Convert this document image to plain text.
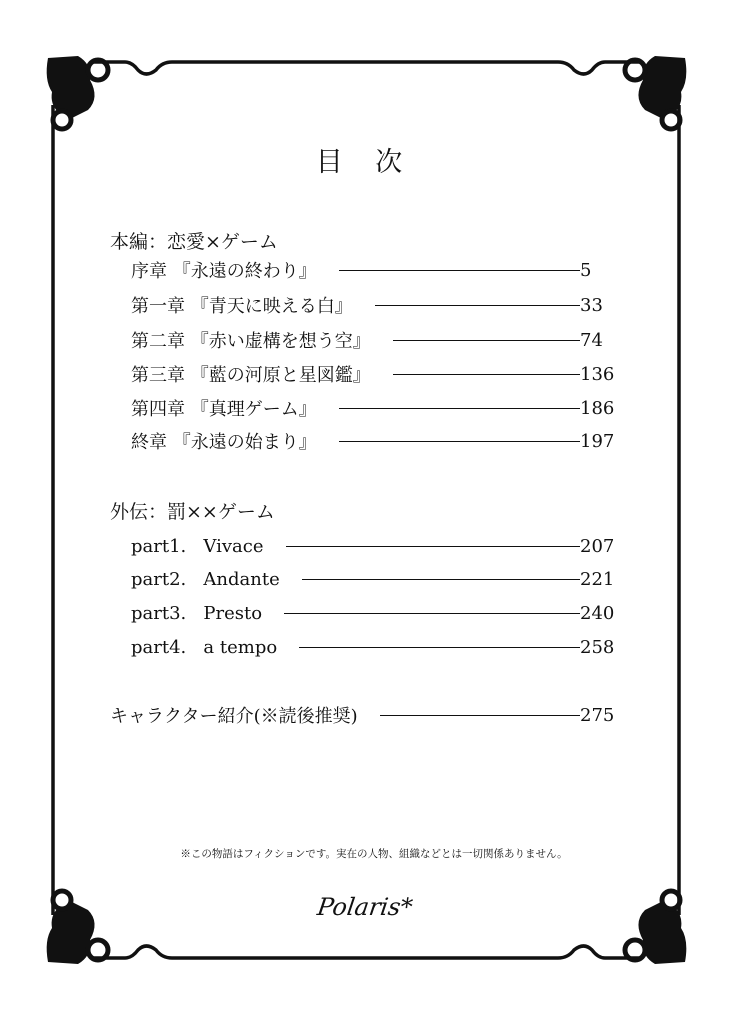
目 次
本編：恋愛×ゲーム
序章 『永遠の終わり』	5
第一章 『青天に映える白』	33
第二章 『赤い虚構を想う空』	74
第三章 『藍の河原と星図鑑』	136
第四章 『真理ゲーム』	186
終章 『永遠の始まり』	197
外伝：罰××ゲーム
part1.   Vivace	207
part2.   Andante	221
part3.   Presto	240
part4.   a tempo	258
キャラクター紹介(※読後推奨)	275
※この物語はフィクションです。実在の人物、組織などとは一切関係ありません。
Polaris*
